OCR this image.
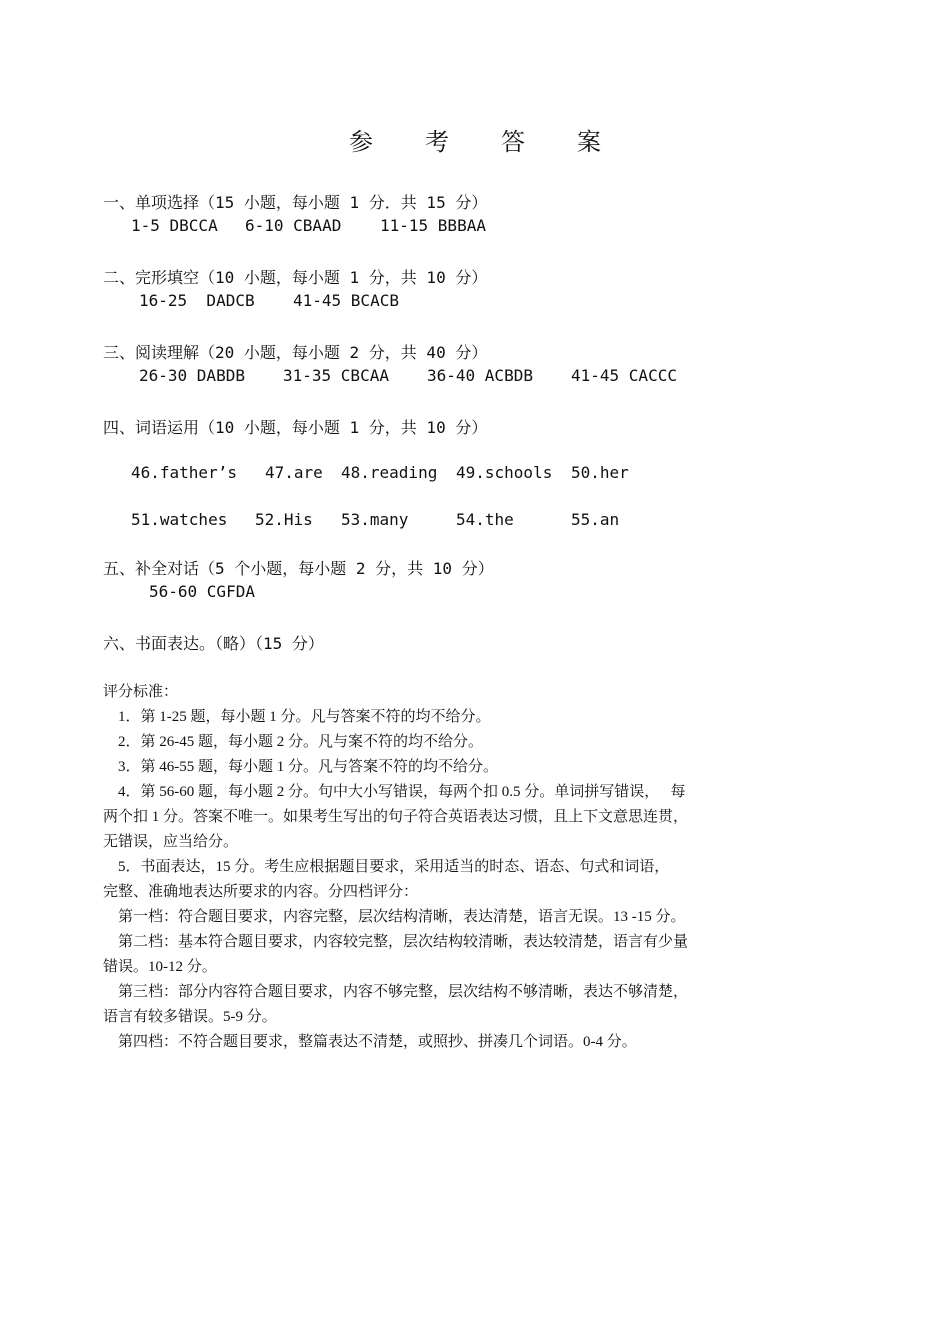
参 考 答 案
一、单项选择（15 小题，每小题 1 分．共 15 分）
1-5 DBCCA 6-10 CBAAD 11-15 BBBAA
二、完形填空（10 小题，每小题 1 分，共 10 分）
16-25  DADCB 41-45 BCACB
三、阅读理解（20 小题，每小题 2 分，共 40 分）
26-30 DABDB 31-35 CBCAA 36-40 ACBDB 41-45 CACCC
四、词语运用（10 小题，每小题 1 分，共 10 分）
46.father’s 47.are 48.reading 49.schools 50.her
51.watches 52.His 53.many	54.the	55.an
五、补全对话（5 个小题，每小题 2 分，共 10 分）
56-60 CGFDA
六、书面表达。（略）（15 分）
评分标准：
1．第 1-25 题，每小题 1 分。凡与答案不符的均不给分。
2．第 26-45 题，每小题 2 分。凡与案不符的均不给分。
3．第 46-55 题，每小题 1 分。凡与答案不符的均不给分。
4．第 56-60 题，每小题 2 分。句中大小写错误，每两个扣 0.5 分。单词拼写错误，   每
两个扣 1 分。答案不唯一。如果考生写出的句子符合英语表达习惯，且上下文意思连贯，
无错误，应当给分。
5．书面表达，15 分。考生应根据题目要求，采用适当的时态、语态、句式和词语，
完整、准确地表达所要求的内容。分四档评分：
第一档：符合题目要求，内容完整，层次结构清晰，表达清楚，语言无误。13 -15 分。
第二档：基本符合题目要求，内容较完整，层次结构较清晰，表达较清楚，语言有少量
错误。10-12 分。
第三档：部分内容符合题目要求，内容不够完整，层次结构不够清晰，表达不够清楚，
语言有较多错误。5-9 分。
第四档：不符合题目要求，整篇表达不清楚，或照抄、拼凑几个词语。0-4 分。
